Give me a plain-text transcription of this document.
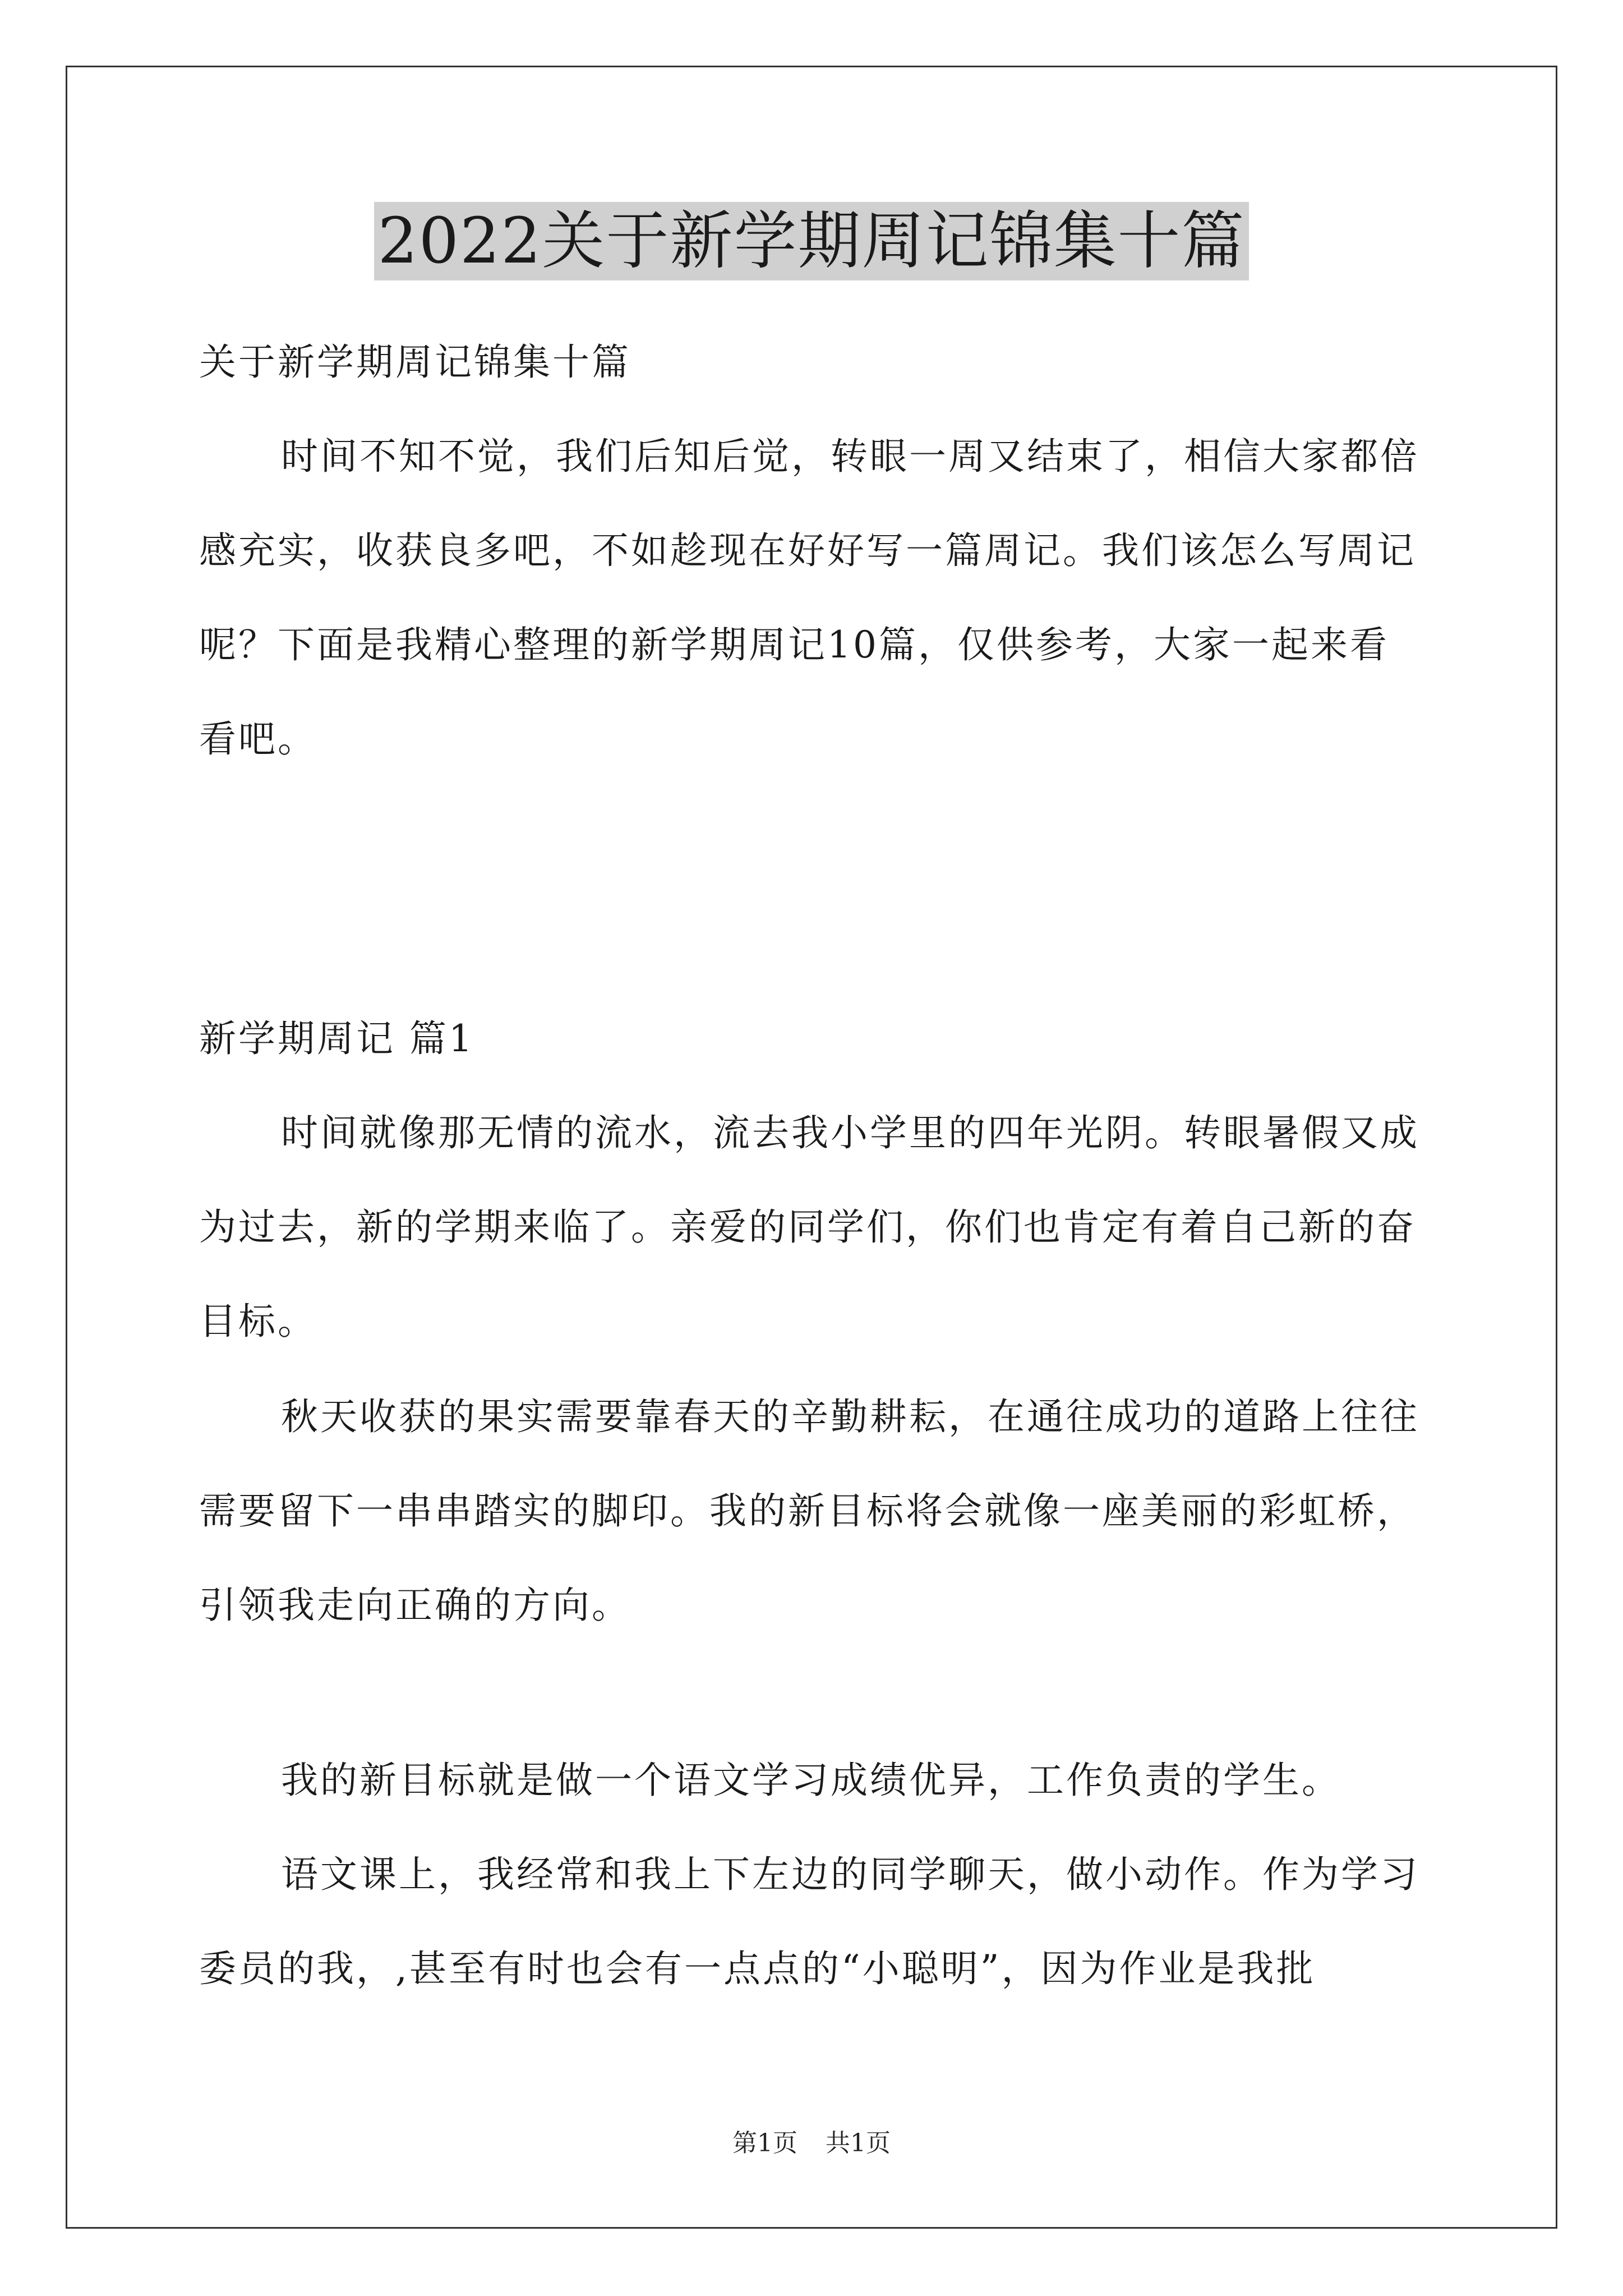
2022关于新学期周记锦集十篇

关于新学期周记锦集十篇

时间不知不觉，我们后知后觉，转眼一周又结束了，相信大家都倍感充实，收获良多吧，不如趁现在好好写一篇周记。我们该怎么写周记呢？下面是我精心整理的新学期周记10篇，仅供参考，大家一起来看看吧。

新学期周记 篇1

时间就像那无情的流水，流去我小学里的四年光阴。转眼暑假又成为过去，新的学期来临了。亲爱的同学们，你们也肯定有着自己新的奋目标。

秋天收获的果实需要靠春天的辛勤耕耘，在通往成功的道路上往往需要留下一串串踏实的脚印。我的新目标将会就像一座美丽的彩虹桥，引领我走向正确的方向。

我的新目标就是做一个语文学习成绩优异，工作负责的学生。

语文课上，我经常和我上下左边的同学聊天，做小动作。作为学习委员的我，,甚至有时也会有一点点的“小聪明”，因为作业是我批

第1页 共1页
